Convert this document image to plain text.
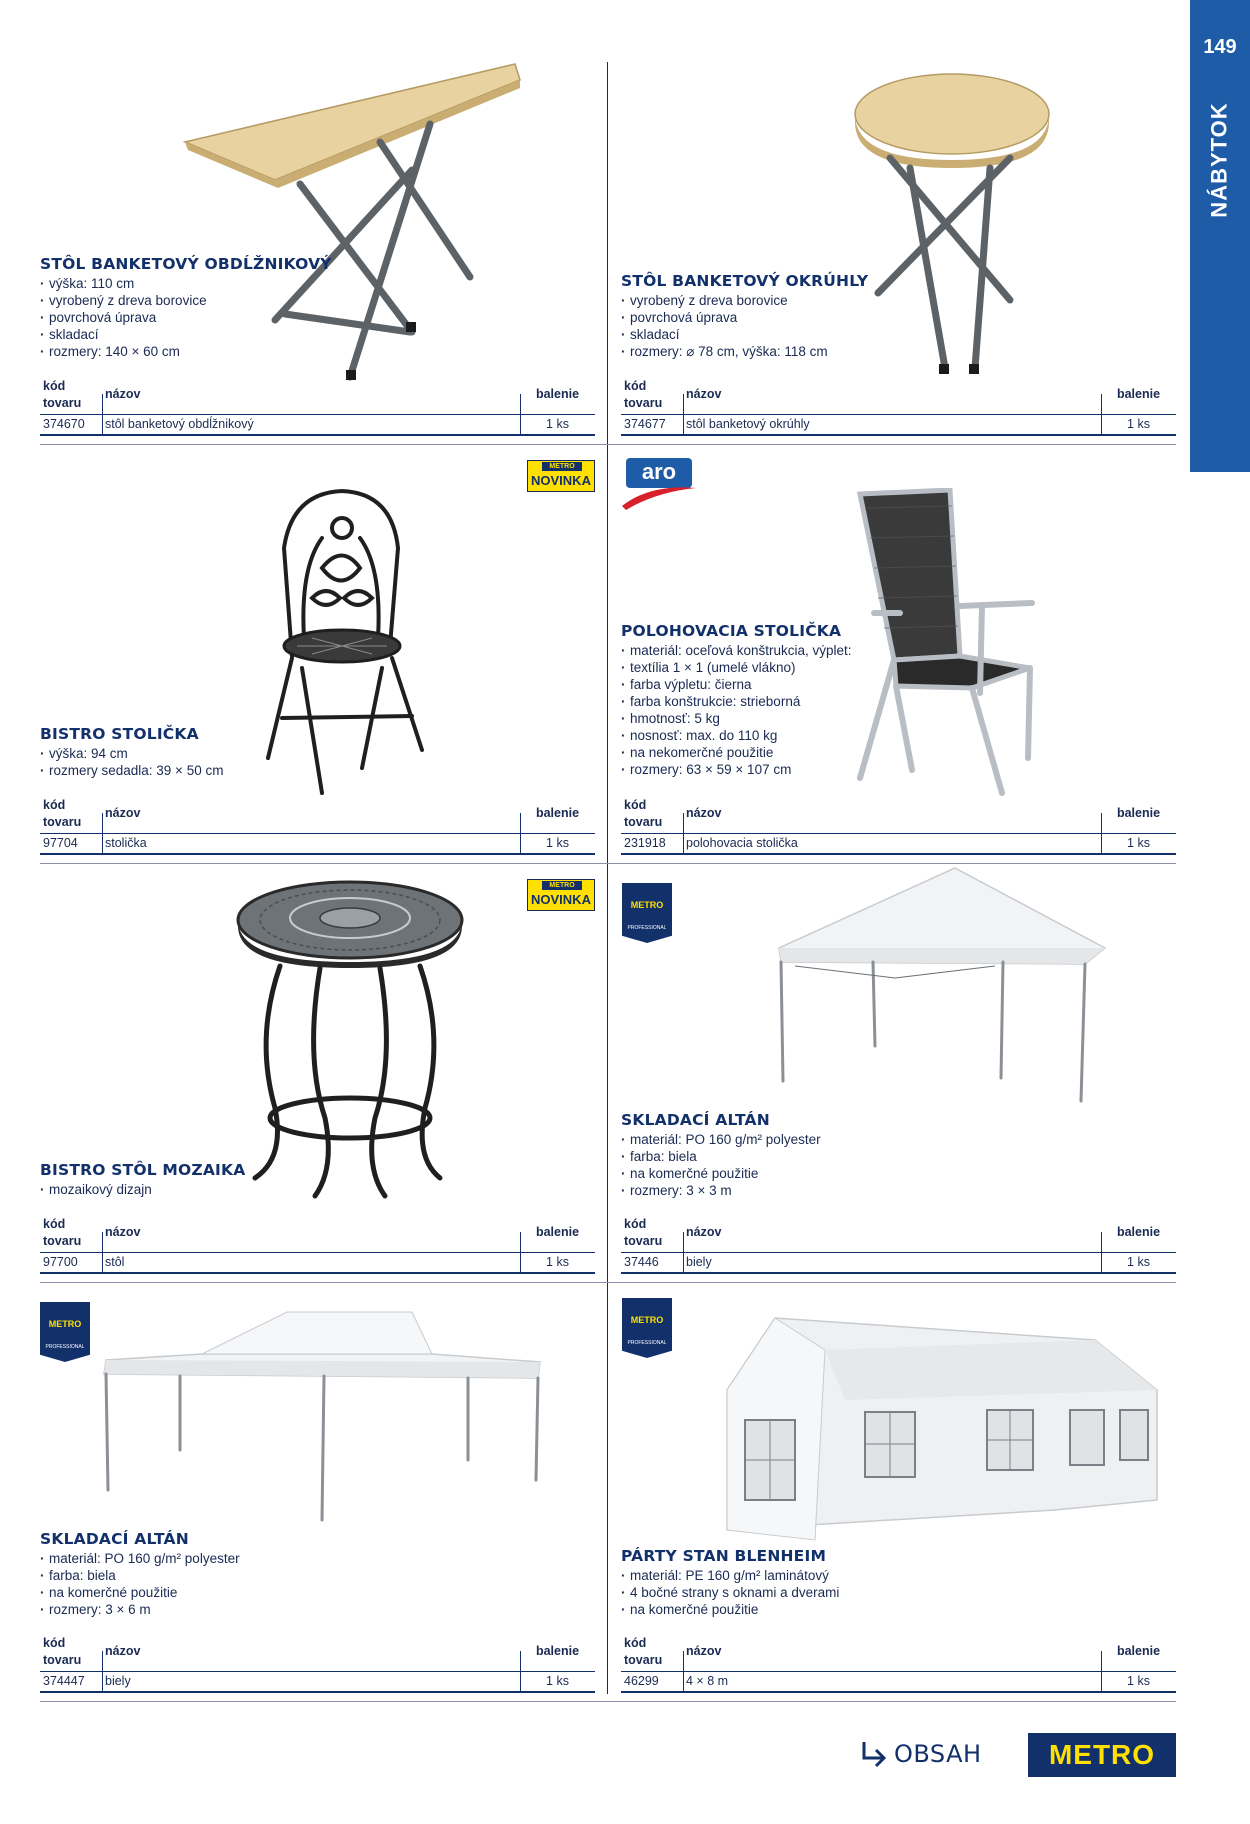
149
NÁBYTOK
STÔL BANKETOVÝ OBDĹŽNIKOVÝ
· výška: 110 cm
· vyrobený z dreva borovice
· povrchová úprava
· skladací
· rozmery: 140 × 60 cm
kód
tovaru
názov	balenie
374670 stôl banketový obdĺžnikový	1 ks
STÔL BANKETOVÝ OKRÚHLY
· vyrobený z dreva borovice
· povrchová úprava
· skladací
· rozmery: ⌀ 78 cm, výška: 118 cm
kód
tovaru
názov	balenie
374677 stôl banketový okrúhly	1 ks
METRO
NOVINKA
BISTRO STOLIČKA
· výška: 94 cm
· rozmery sedadla: 39 × 50 cm
kód
tovaru
názov	balenie
97704 stolička	1 ks
aro
POLOHOVACIA STOLIČKA
· materiál: oceľová konštrukcia, výplet:
· textília 1 × 1 (umelé vlákno)
· farba výpletu: čierna
· farba konštrukcie: strieborná
· hmotnosť: 5 kg
· nosnosť: max. do 110 kg
· na nekomerčné použitie
· rozmery: 63 × 59 × 107 cm
kód
tovaru
názov	balenie
231918 polohovacia stolička	1 ks
METRO
NOVINKA
BISTRO STÔL MOZAIKA
· mozaikový dizajn
kód
tovaru
názov	balenie
97700 stôl	1 ks
METRO
PROFESSIONAL
SKLADACÍ ALTÁN
· materiál: PO 160 g/m² polyester
· farba: biela
· na komerčné použitie
· rozmery: 3 × 3 m
kód
tovaru
názov	balenie
37446 biely	1 ks
METRO
PROFESSIONAL
SKLADACÍ ALTÁN
· materiál: PO 160 g/m² polyester
· farba: biela
· na komerčné použitie
· rozmery: 3 × 6 m
kód
tovaru
názov	balenie
374447 biely	1 ks
METRO
PROFESSIONAL
PÁRTY STAN BLENHEIM
· materiál: PE 160 g/m² laminátový
· 4 bočné strany s oknami a dverami
· na komerčné použitie
kód
tovaru
názov	balenie
46299 4 × 8 m	1 ks
OBSAH	METRO
